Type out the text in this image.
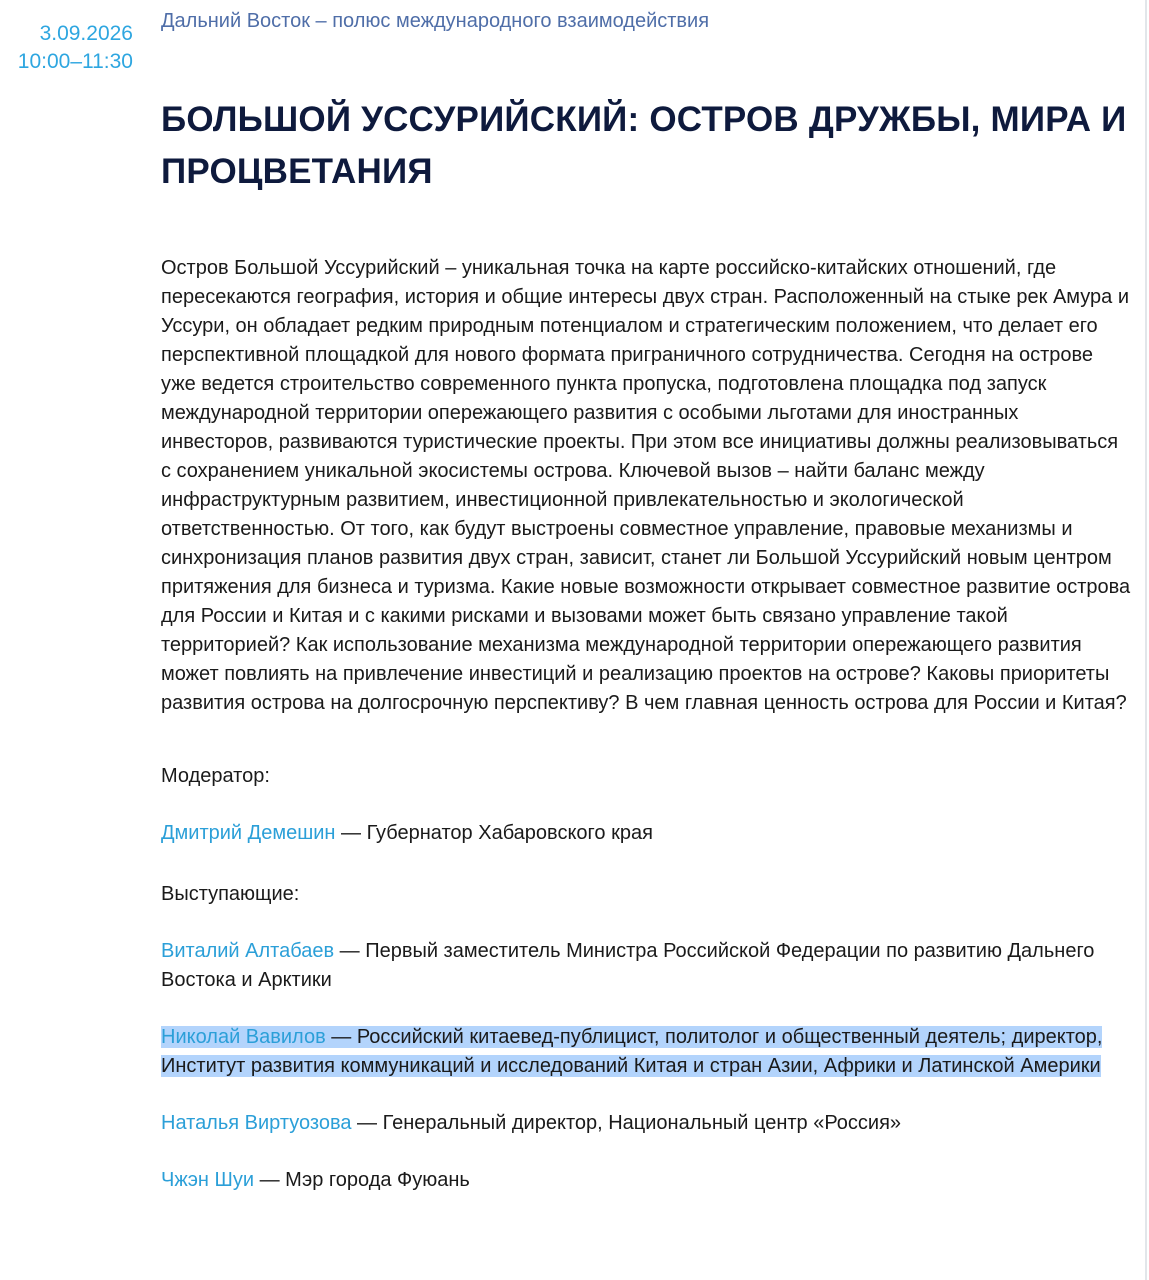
3.09.2026
10:00–11:30

Дальний Восток – полюс международного взаимодействия

БОЛЬШОЙ УССУРИЙСКИЙ: ОСТРОВ ДРУЖБЫ, МИРА И ПРОЦВЕТАНИЯ

Остров Большой Уссурийский – уникальная точка на карте российско-китайских отношений, где пересекаются география, история и общие интересы двух стран. Расположенный на стыке рек Амура и Уссури, он обладает редким природным потенциалом и стратегическим положением, что делает его перспективной площадкой для нового формата приграничного сотрудничества. Сегодня на острове уже ведется строительство современного пункта пропуска, подготовлена площадка под запуск международной территории опережающего развития с особыми льготами для иностранных инвесторов, развиваются туристические проекты. При этом все инициативы должны реализовываться с сохранением уникальной экосистемы острова. Ключевой вызов – найти баланс между инфраструктурным развитием, инвестиционной привлекательностью и экологической ответственностью. От того, как будут выстроены совместное управление, правовые механизмы и синхронизация планов развития двух стран, зависит, станет ли Большой Уссурийский новым центром притяжения для бизнеса и туризма. Какие новые возможности открывает совместное развитие острова для России и Китая и с какими рисками и вызовами может быть связано управление такой территорией? Как использование механизма международной территории опережающего развития может повлиять на привлечение инвестиций и реализацию проектов на острове? Каковы приоритеты развития острова на долгосрочную перспективу? В чем главная ценность острова для России и Китая?

Модератор:

Дмитрий Демешин — Губернатор Хабаровского края

Выступающие:

Виталий Алтабаев — Первый заместитель Министра Российской Федерации по развитию Дальнего Востока и Арктики

Николай Вавилов — Российский китаевед-публицист, политолог и общественный деятель; директор, Институт развития коммуникаций и исследований Китая и стран Азии, Африки и Латинской Америки

Наталья Виртуозова — Генеральный директор, Национальный центр «Россия»

Чжэн Шуи — Мэр города Фуюань
